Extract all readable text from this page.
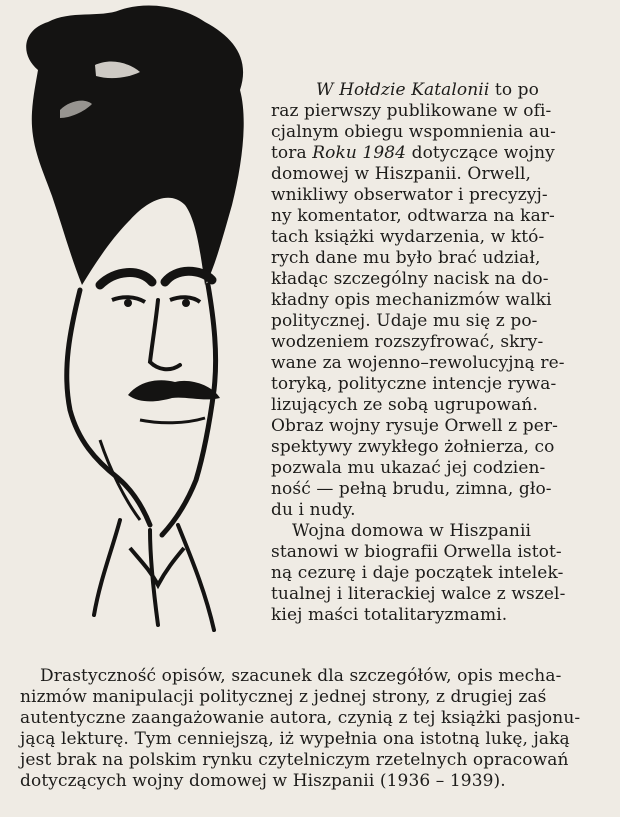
W Hołdzie Katalonii to po
raz pierwszy publikowane w ofi-
cjalnym obiegu wspomnienia au-
tora Roku 1984 dotyczące wojny
domowej w Hiszpanii. Orwell,
wnikliwy obserwator i precyzyj-
ny komentator, odtwarza na kar-
tach książki wydarzenia, w któ-
rych dane mu było brać udział,
kładąc szczególny nacisk na do-
kładny opis mechanizmów walki
politycznej. Udaje mu się z po-
wodzeniem rozszyfrować, skry-
wane za wojenno–rewolucyjną re-
toryką, polityczne intencje rywa-
lizujących ze sobą ugrupowań.
Obraz wojny rysuje Orwell z per-
spektywy zwykłego żołnierza, co
pozwala mu ukazać jej codzien-
ność — pełną brudu, zimna, gło-
du i nudy.
Wojna domowa w Hiszpanii
stanowi w biografii Orwella istot-
ną cezurę i daje początek intelek-
tualnej i literackiej walce z wszel-
kiej maści totalitaryzmami.
Drastyczność opisów, szacunek dla szczegółów, opis mecha-
nizmów manipulacji politycznej z jednej strony, z drugiej zaś
autentyczne zaangażowanie autora, czynią z tej książki pasjonu-
jącą lekturę. Tym cenniejszą, iż wypełnia ona istotną lukę, jaką
jest brak na polskim rynku czytelniczym rzetelnych opracowań
dotyczących wojny domowej w Hiszpanii (1936 – 1939).
